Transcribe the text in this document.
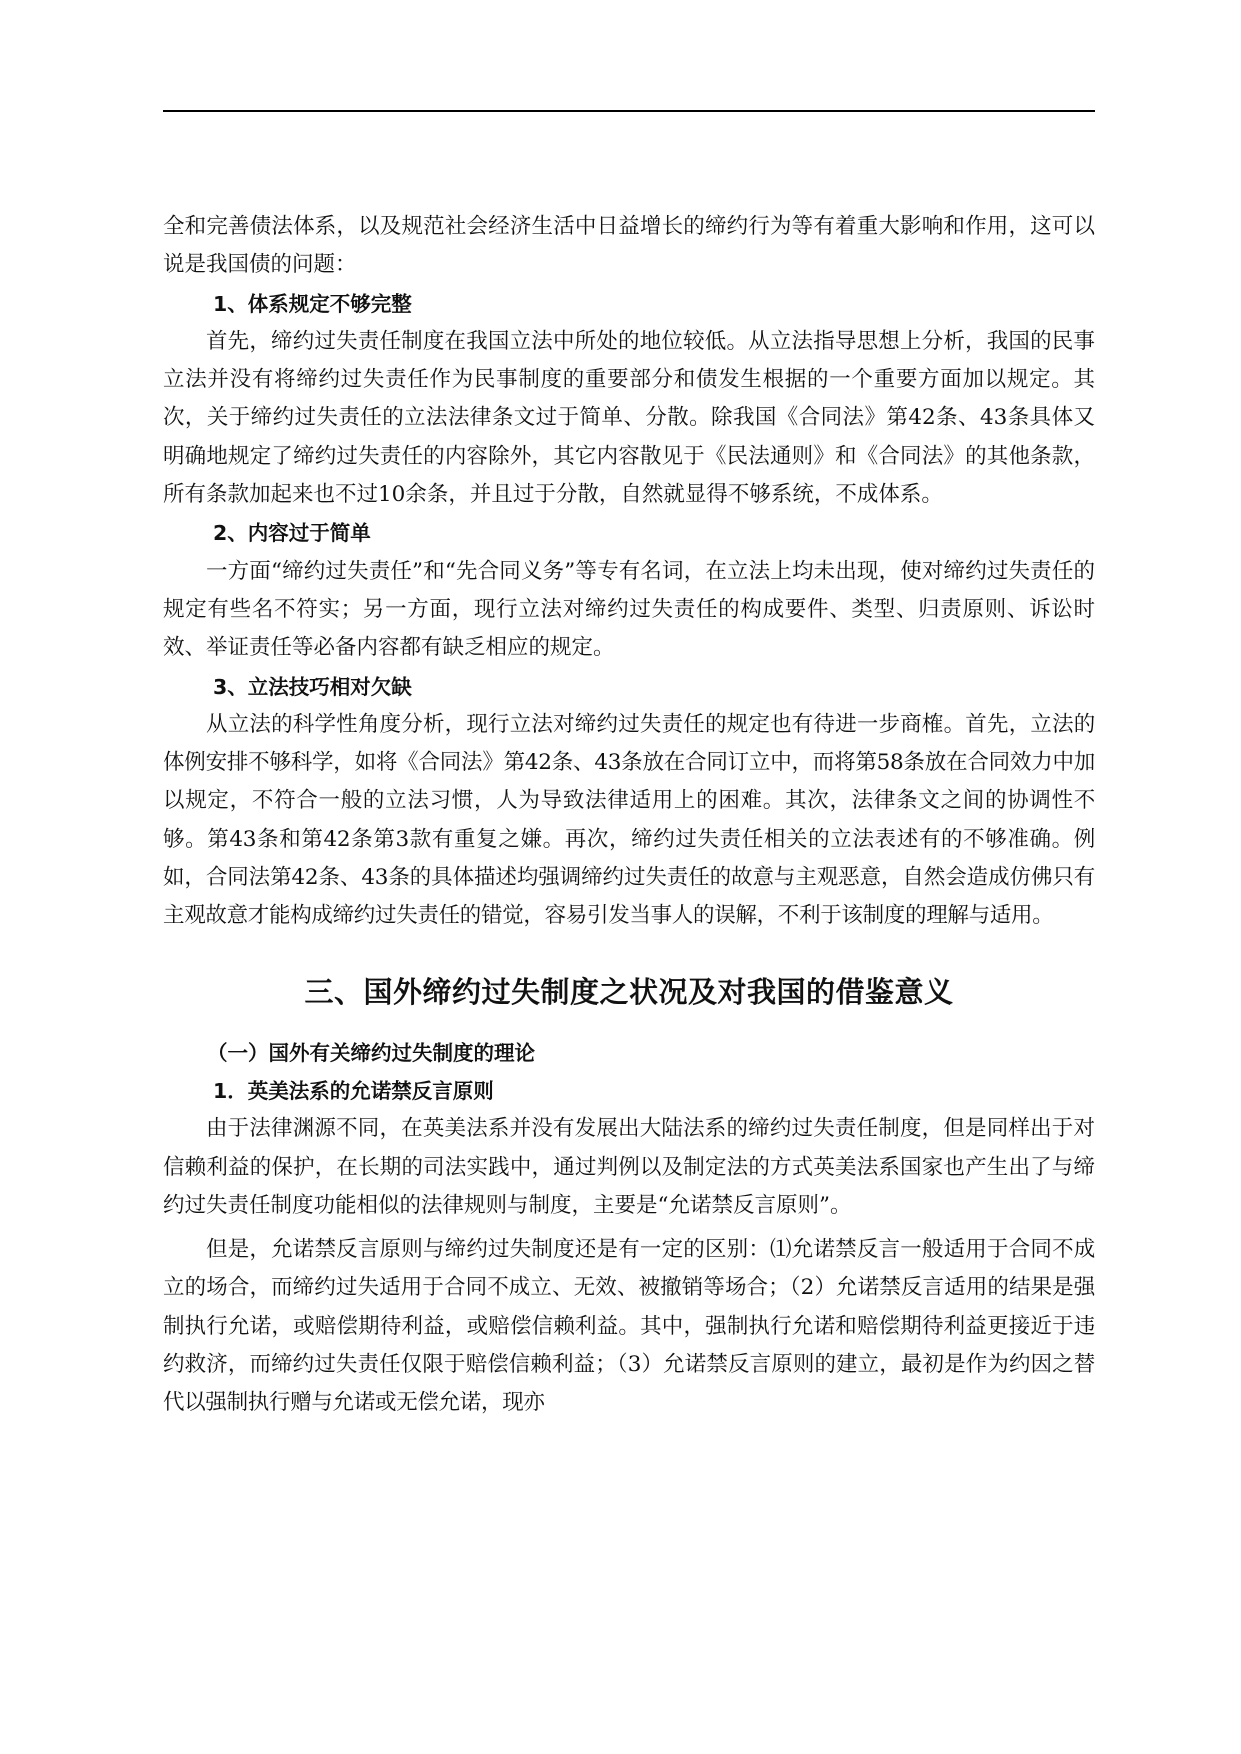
全和完善债法体系，以及规范社会经济生活中日益增长的缔约行为等有着重大影响和作用，这可以说是我国债的问题：

1、体系规定不够完整

首先，缔约过失责任制度在我国立法中所处的地位较低。从立法指导思想上分析，我国的民事立法并没有将缔约过失责任作为民事制度的重要部分和债发生根据的一个重要方面加以规定。其次，关于缔约过失责任的立法法律条文过于简单、分散。除我国《合同法》第42条、43条具体又明确地规定了缔约过失责任的内容除外，其它内容散见于《民法通则》和《合同法》的其他条款，所有条款加起来也不过10余条，并且过于分散，自然就显得不够系统，不成体系。

2、内容过于简单

一方面“缔约过失责任”和“先合同义务”等专有名词，在立法上均未出现，使对缔约过失责任的规定有些名不符实；另一方面，现行立法对缔约过失责任的构成要件、类型、归责原则、诉讼时效、举证责任等必备内容都有缺乏相应的规定。

3、立法技巧相对欠缺

从立法的科学性角度分析，现行立法对缔约过失责任的规定也有待进一步商榷。首先，立法的体例安排不够科学，如将《合同法》第42条、43条放在合同订立中，而将第58条放在合同效力中加以规定，不符合一般的立法习惯，人为导致法律适用上的困难。其次，法律条文之间的协调性不够。第43条和第42条第3款有重复之嫌。再次，缔约过失责任相关的立法表述有的不够准确。例如，合同法第42条、43条的具体描述均强调缔约过失责任的故意与主观恶意，自然会造成仿佛只有主观故意才能构成缔约过失责任的错觉，容易引发当事人的误解，不利于该制度的理解与适用。

三、国外缔约过失制度之状况及对我国的借鉴意义

（一）国外有关缔约过失制度的理论

1．英美法系的允诺禁反言原则

由于法律渊源不同，在英美法系并没有发展出大陆法系的缔约过失责任制度，但是同样出于对信赖利益的保护，在长期的司法实践中，通过判例以及制定法的方式英美法系国家也产生出了与缔约过失责任制度功能相似的法律规则与制度，主要是“允诺禁反言原则”。

但是，允诺禁反言原则与缔约过失制度还是有一定的区别：⑴允诺禁反言一般适用于合同不成立的场合，而缔约过失适用于合同不成立、无效、被撤销等场合；（2）允诺禁反言适用的结果是强制执行允诺，或赔偿期待利益，或赔偿信赖利益。其中，强制执行允诺和赔偿期待利益更接近于违约救济，而缔约过失责任仅限于赔偿信赖利益；（3）允诺禁反言原则的建立，最初是作为约因之替代以强制执行赠与允诺或无偿允诺，现亦
